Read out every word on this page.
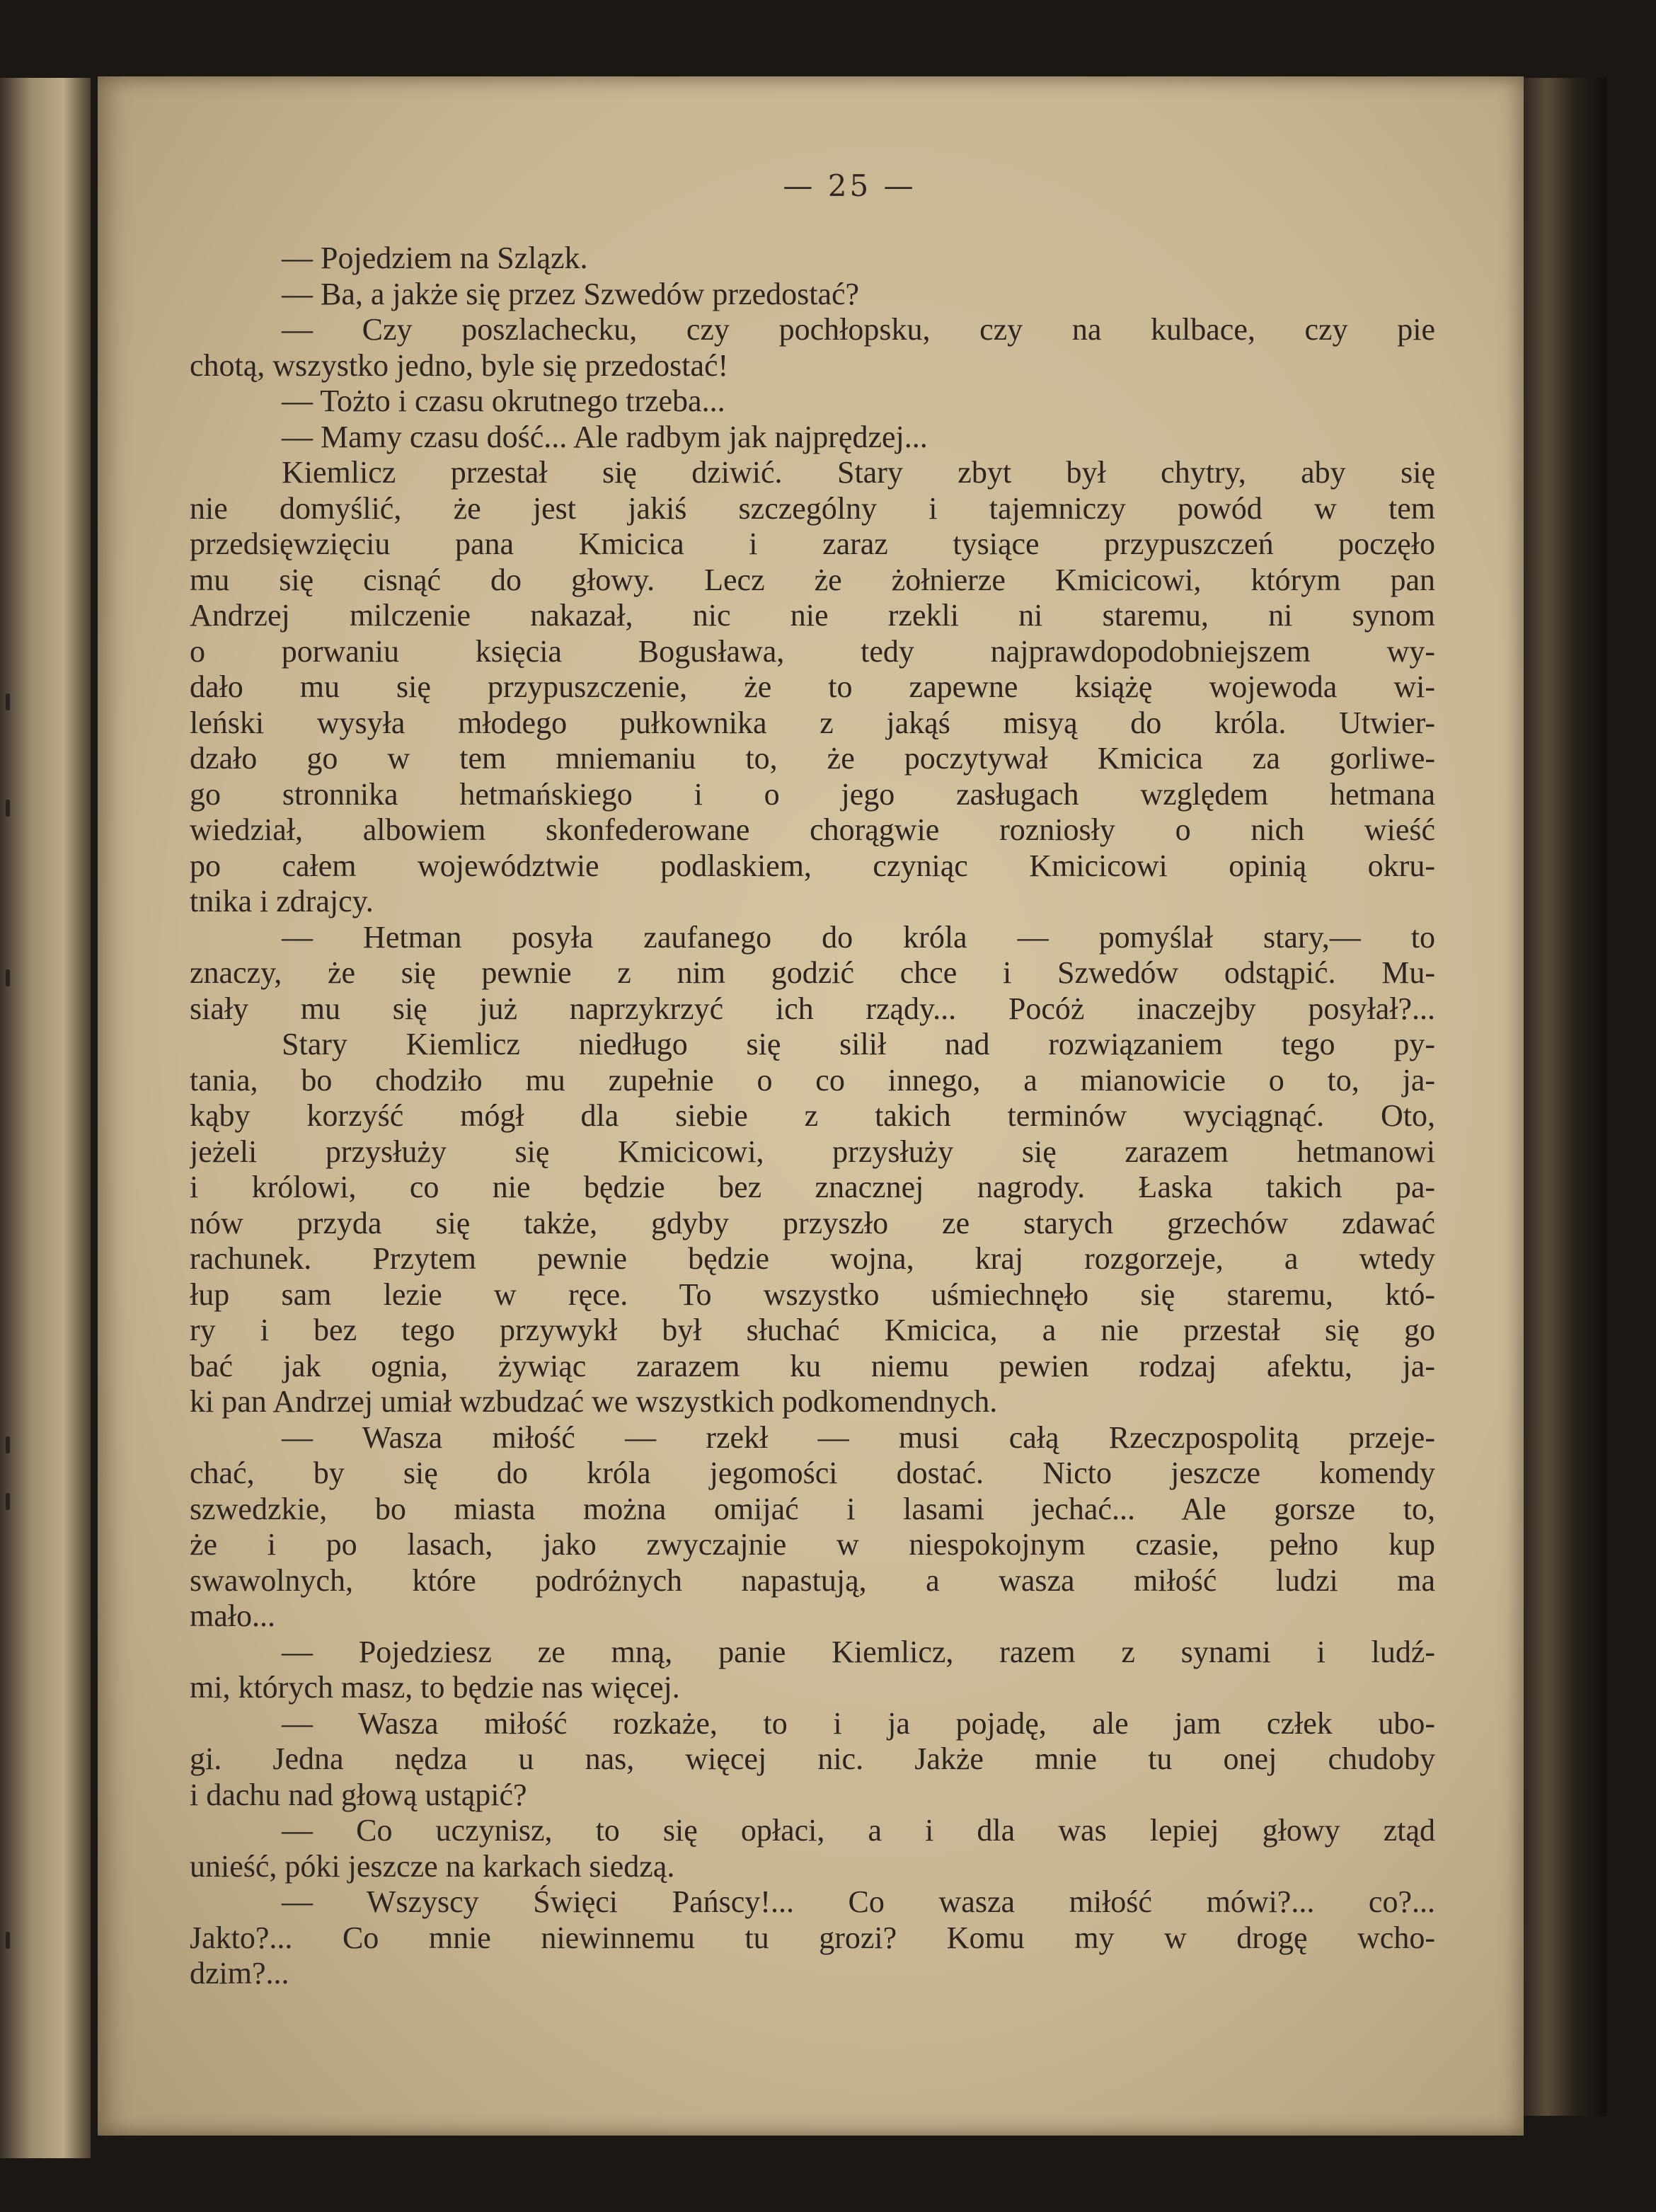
— 25 —

— Pojedziem na Szlązk.

— Ba, a jakże się przez Szwedów przedostać?

— Czy poszlachecku, czy pochłopsku, czy na kulbace, czy pie

chotą, wszystko jedno, byle się przedostać!

— Tożto i czasu okrutnego trzeba...

— Mamy czasu dość... Ale radbym jak najprędzej...

Kiemlicz przestał się dziwić. Stary zbyt był chytry, aby się

nie domyślić, że jest jakiś szczególny i tajemniczy powód w tem

przedsięwzięciu pana Kmicica i zaraz tysiące przypuszczeń poczęło

mu się cisnąć do głowy. Lecz że żołnierze Kmicicowi, którym pan

Andrzej milczenie nakazał, nic nie rzekli ni staremu, ni synom

o porwaniu księcia Bogusława, tedy najprawdopodobniejszem wy-

dało mu się przypuszczenie, że to zapewne książę wojewoda wi-

leński wysyła młodego pułkownika z jakąś misyą do króla. Utwier-

dzało go w tem mniemaniu to, że poczytywał Kmicica za gorliwe-

go stronnika hetmańskiego i o jego zasługach względem hetmana

wiedział, albowiem skonfederowane chorągwie rozniosły o nich wieść

po całem województwie podlaskiem, czyniąc Kmicicowi opinią okru-

tnika i zdrajcy.

— Hetman posyła zaufanego do króla — pomyślał stary,— to

znaczy, że się pewnie z nim godzić chce i Szwedów odstąpić. Mu-

siały mu się już naprzykrzyć ich rządy... Pocóż inaczejby posyłał?...

Stary Kiemlicz niedługo się silił nad rozwiązaniem tego py-

tania, bo chodziło mu zupełnie o co innego, a mianowicie o to, ja-

kąby korzyść mógł dla siebie z takich terminów wyciągnąć. Oto,

jeżeli przysłuży się Kmicicowi, przysłuży się zarazem hetmanowi

i królowi, co nie będzie bez znacznej nagrody. Łaska takich pa-

nów przyda się także, gdyby przyszło ze starych grzechów zdawać

rachunek. Przytem pewnie będzie wojna, kraj rozgorzeje, a wtedy

łup sam lezie w ręce. To wszystko uśmiechnęło się staremu, któ-

ry i bez tego przywykł był słuchać Kmicica, a nie przestał się go

bać jak ognia, żywiąc zarazem ku niemu pewien rodzaj afektu, ja-

ki pan Andrzej umiał wzbudzać we wszystkich podkomendnych.

— Wasza miłość — rzekł — musi całą Rzeczpospolitą przeje-

chać, by się do króla jegomości dostać. Nicto jeszcze komendy

szwedzkie, bo miasta można omijać i lasami jechać... Ale gorsze to,

że i po lasach, jako zwyczajnie w niespokojnym czasie, pełno kup

swawolnych, które podróżnych napastują, a wasza miłość ludzi ma

mało...

— Pojedziesz ze mną, panie Kiemlicz, razem z synami i ludź-

mi, których masz, to będzie nas więcej.

— Wasza miłość rozkaże, to i ja pojadę, ale jam człek ubo-

gi. Jedna nędza u nas, więcej nic. Jakże mnie tu onej chudoby

i dachu nad głową ustąpić?

— Co uczynisz, to się opłaci, a i dla was lepiej głowy ztąd

unieść, póki jeszcze na karkach siedzą.

— Wszyscy Święci Pańscy!... Co wasza miłość mówi?... co?...

Jakto?... Co mnie niewinnemu tu grozi? Komu my w drogę wcho-

dzim?...
